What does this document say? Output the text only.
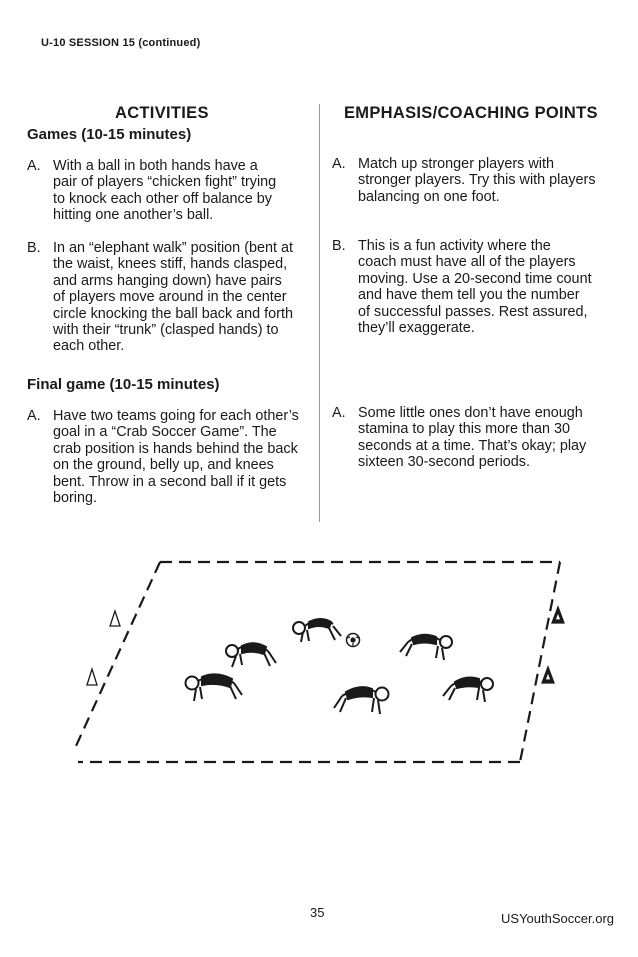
U-10 SESSION 15 (continued)
ACTIVITIES	EMPHASIS/COACHING POINTS
Games (10-15 minutes)
A. With a ball in both hands have a
pair of players “chicken fight” trying
to knock each other off balance by
hitting one another’s ball.
B. In an “elephant walk” position (bent at
the waist, knees stiff, hands clasped,
and arms hanging down) have pairs
of players move around in the center
circle knocking the ball back and forth
with their “trunk” (clasped hands) to
each other.
A. Match up stronger players with
stronger players. Try this with players
balancing on one foot.
B. This is a fun activity where the
coach must have all of the players
moving. Use a 20-second time count
and have them tell you the number
of successful passes. Rest assured,
they’ll exaggerate.
Final game (10-15 minutes)
A. Have two teams going for each other’s
goal in a “Crab Soccer Game”. The
crab position is hands behind the back
on the ground, belly up, and knees
bent. Throw in a second ball if it gets
boring.
A. Some little ones don’t have enough
stamina to play this more than 30
seconds at a time. That’s okay; play
sixteen 30-second periods.
35	USYouthSoccer.org
